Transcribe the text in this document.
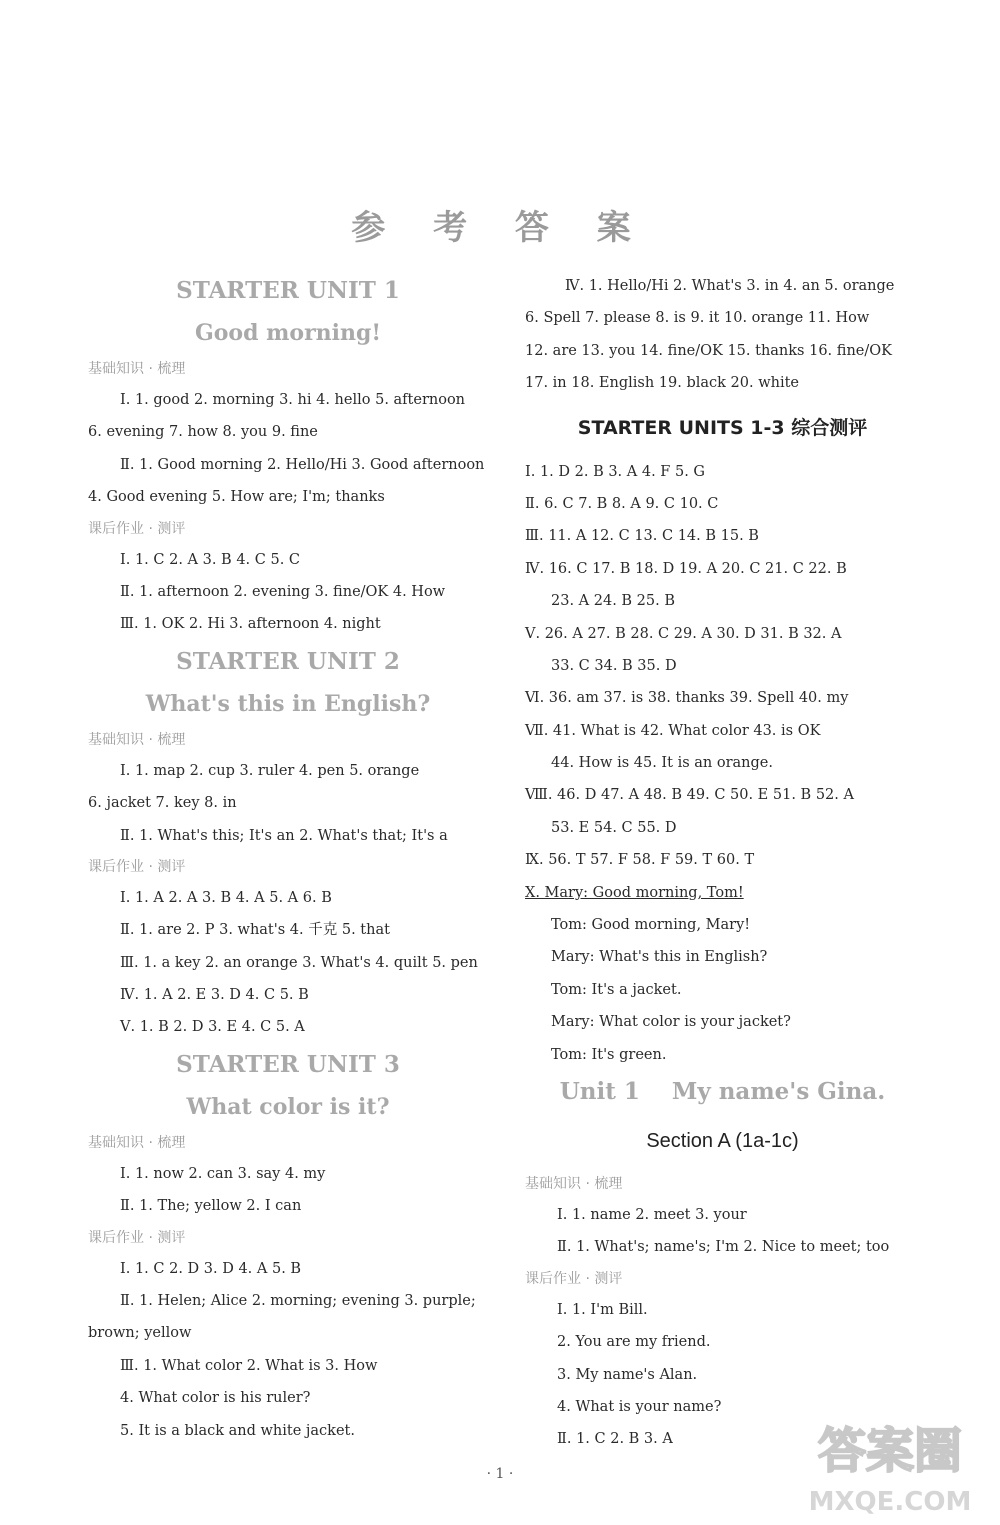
参 考 答 案
STARTER UNIT 1
Good morning!
基础知识 · 梳理
Ⅰ. 1. good 2. morning 3. hi 4. hello 5. afternoon
6. evening 7. how 8. you 9. fine
Ⅱ. 1. Good morning 2. Hello/Hi 3. Good afternoon
4. Good evening 5. How are; I'm; thanks
课后作业 · 测评
Ⅰ. 1. C 2. A 3. B 4. C 5. C
Ⅱ. 1. afternoon 2. evening 3. fine/OK 4. How
Ⅲ. 1. OK 2. Hi 3. afternoon 4. night
STARTER UNIT 2
What's this in English?
基础知识 · 梳理
Ⅰ. 1. map 2. cup 3. ruler 4. pen 5. orange
6. jacket 7. key 8. in
Ⅱ. 1. What's this; It's an 2. What's that; It's a
课后作业 · 测评
Ⅰ. 1. A 2. A 3. B 4. A 5. A 6. B
Ⅱ. 1. are 2. P 3. what's 4. 千克 5. that
Ⅲ. 1. a key 2. an orange 3. What's 4. quilt 5. pen
Ⅳ. 1. A 2. E 3. D 4. C 5. B
Ⅴ. 1. B 2. D 3. E 4. C 5. A
STARTER UNIT 3
What color is it?
基础知识 · 梳理
Ⅰ. 1. now 2. can 3. say 4. my
Ⅱ. 1. The; yellow 2. I can
课后作业 · 测评
Ⅰ. 1. C 2. D 3. D 4. A 5. B
Ⅱ. 1. Helen; Alice 2. morning; evening 3. purple;
brown; yellow
Ⅲ. 1. What color 2. What is 3. How
4. What color is his ruler?
5. It is a black and white jacket.
Ⅳ. 1. Hello/Hi 2. What's 3. in 4. an 5. orange
6. Spell 7. please 8. is 9. it 10. orange 11. How
12. are 13. you 14. fine/OK 15. thanks 16. fine/OK
17. in 18. English 19. black 20. white
STARTER UNITS 1-3 综合测评
Ⅰ. 1. D 2. B 3. A 4. F 5. G
Ⅱ. 6. C 7. B 8. A 9. C 10. C
Ⅲ. 11. A 12. C 13. C 14. B 15. B
Ⅳ. 16. C 17. B 18. D 19. A 20. C 21. C 22. B
23. A 24. B 25. B
Ⅴ. 26. A 27. B 28. C 29. A 30. D 31. B 32. A
33. C 34. B 35. D
Ⅵ. 36. am 37. is 38. thanks 39. Spell 40. my
Ⅶ. 41. What is 42. What color 43. is OK
44. How is 45. It is an orange.
Ⅷ. 46. D 47. A 48. B 49. C 50. E 51. B 52. A
53. E 54. C 55. D
Ⅸ. 56. T 57. F 58. F 59. T 60. T
Ⅹ. Mary: Good morning, Tom!
Tom: Good morning, Mary!
Mary: What's this in English?
Tom: It's a jacket.
Mary: What color is your jacket?
Tom: It's green.
Unit 1    My name's Gina.
Section A (1a-1c)
基础知识 · 梳理
Ⅰ. 1. name 2. meet 3. your
Ⅱ. 1. What's; name's; I'm 2. Nice to meet; too
课后作业 · 测评
Ⅰ. 1. I'm Bill.
2. You are my friend.
3. My name's Alan.
4. What is your name?
Ⅱ. 1. C 2. B 3. A
· 1 ·	答案圈
MXQE.COM
